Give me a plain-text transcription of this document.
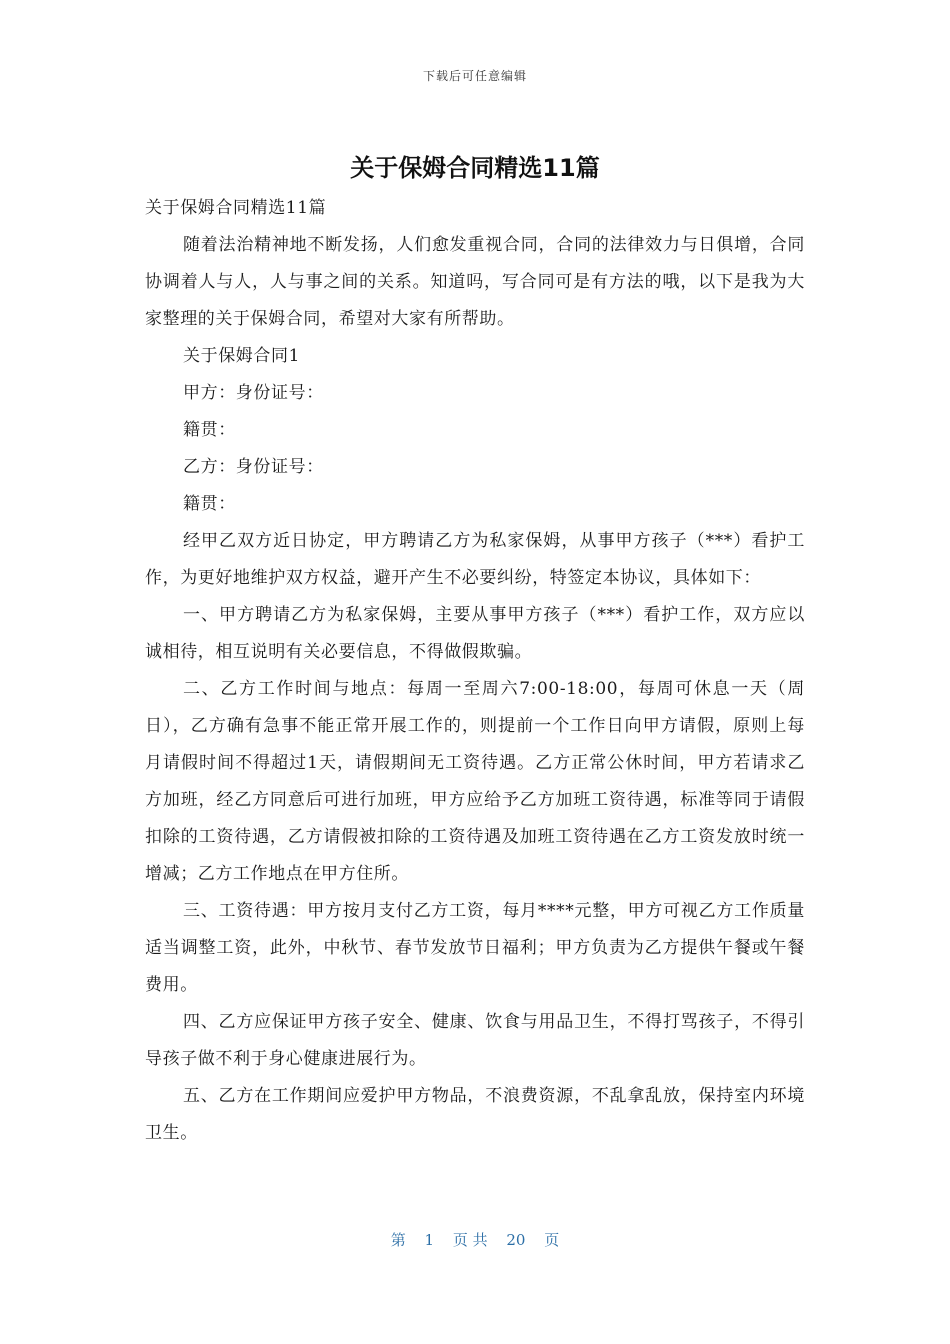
下载后可任意编辑
关于保姆合同精选11篇

关于保姆合同精选11篇

随着法治精神地不断发扬，人们愈发重视合同，合同的法律效力与日俱增，合同协调着人与人，人与事之间的关系。知道吗，写合同可是有方法的哦，以下是我为大家整理的关于保姆合同，希望对大家有所帮助。

关于保姆合同1

甲方：身份证号：

籍贯：

乙方：身份证号：

籍贯：

经甲乙双方近日协定，甲方聘请乙方为私家保姆，从事甲方孩子（***）看护工作，为更好地维护双方权益，避开产生不必要纠纷，特签定本协议，具体如下：

一、甲方聘请乙方为私家保姆，主要从事甲方孩子（***）看护工作，双方应以诚相待，相互说明有关必要信息，不得做假欺骗。

二、乙方工作时间与地点：每周一至周六7:00-18:00，每周可休息一天（周日），乙方确有急事不能正常开展工作的，则提前一个工作日向甲方请假，原则上每月请假时间不得超过1天，请假期间无工资待遇。乙方正常公休时间，甲方若请求乙方加班，经乙方同意后可进行加班，甲方应给予乙方加班工资待遇，标准等同于请假扣除的工资待遇，乙方请假被扣除的工资待遇及加班工资待遇在乙方工资发放时统一增减；乙方工作地点在甲方住所。

三、工资待遇：甲方按月支付乙方工资，每月****元整，甲方可视乙方工作质量适当调整工资，此外，中秋节、春节发放节日福利；甲方负责为乙方提供午餐或午餐费用。

四、乙方应保证甲方孩子安全、健康、饮食与用品卫生，不得打骂孩子，不得引导孩子做不利于身心健康进展行为。

五、乙方在工作期间应爱护甲方物品，不浪费资源，不乱拿乱放，保持室内环境卫生。

第 1 页 共 20 页
